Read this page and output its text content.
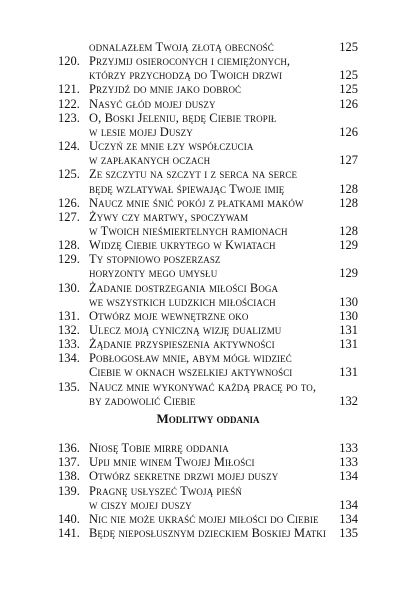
odnalazłem Twoją złotą obecność	125
120. Przyjmij osieroconych i ciemiężonych,
którzy przychodzą do Twoich drzwi	125
121. Przyjdź do mnie jako dobroć	125
122. Nasyć głód mojej duszy	126
123. O, Boski Jeleniu, będę Ciebie tropił
w lesie mojej Duszy	126
124. Uczyń ze mnie łzy współczucia
w zapłakanych oczach	127
125. Ze szczytu na szczyt i z serca na serce
będę wzlatywał śpiewając Twoje imię	128
126. Naucz mnie śnić pokój z płatkami maków	128
127. Żywy czy martwy, spoczywam
w Twoich nieśmiertelnych ramionach	128
128. Widzę Ciebie ukrytego w Kwiatach	129
129. Ty stopniowo poszerzasz
horyzonty mego umysłu	129
130. Żadanie dostrzegania miłości Boga
we wszystkich ludzkich miłościach	130
131. Otwórz moje wewnętrzne oko	130
132. Ulecz moją cyniczną wizję dualizmu	131
133. Żądanie przyspieszenia aktywności	131
134. Pobłogosław mnie, abym mógł widzieć
Ciebie w oknach wszelkiej aktywności	131
135. Naucz mnie wykonywać każdą pracę po to,
by zadowolić Ciebie	132
Modlitwy oddania
136. Niosę Tobie mirrę oddania	133
137. Upij mnie winem Twojej Miłości	133
138. Otwórz sekretne drzwi mojej duszy	134
139. Pragnę usłyszeć Twoją pieśń
w ciszy mojej duszy	134
140. Nic nie może ukraść mojej miłości do Ciebie	134
141. Będę nieposłusznym dzieckiem Boskiej Matki	135
